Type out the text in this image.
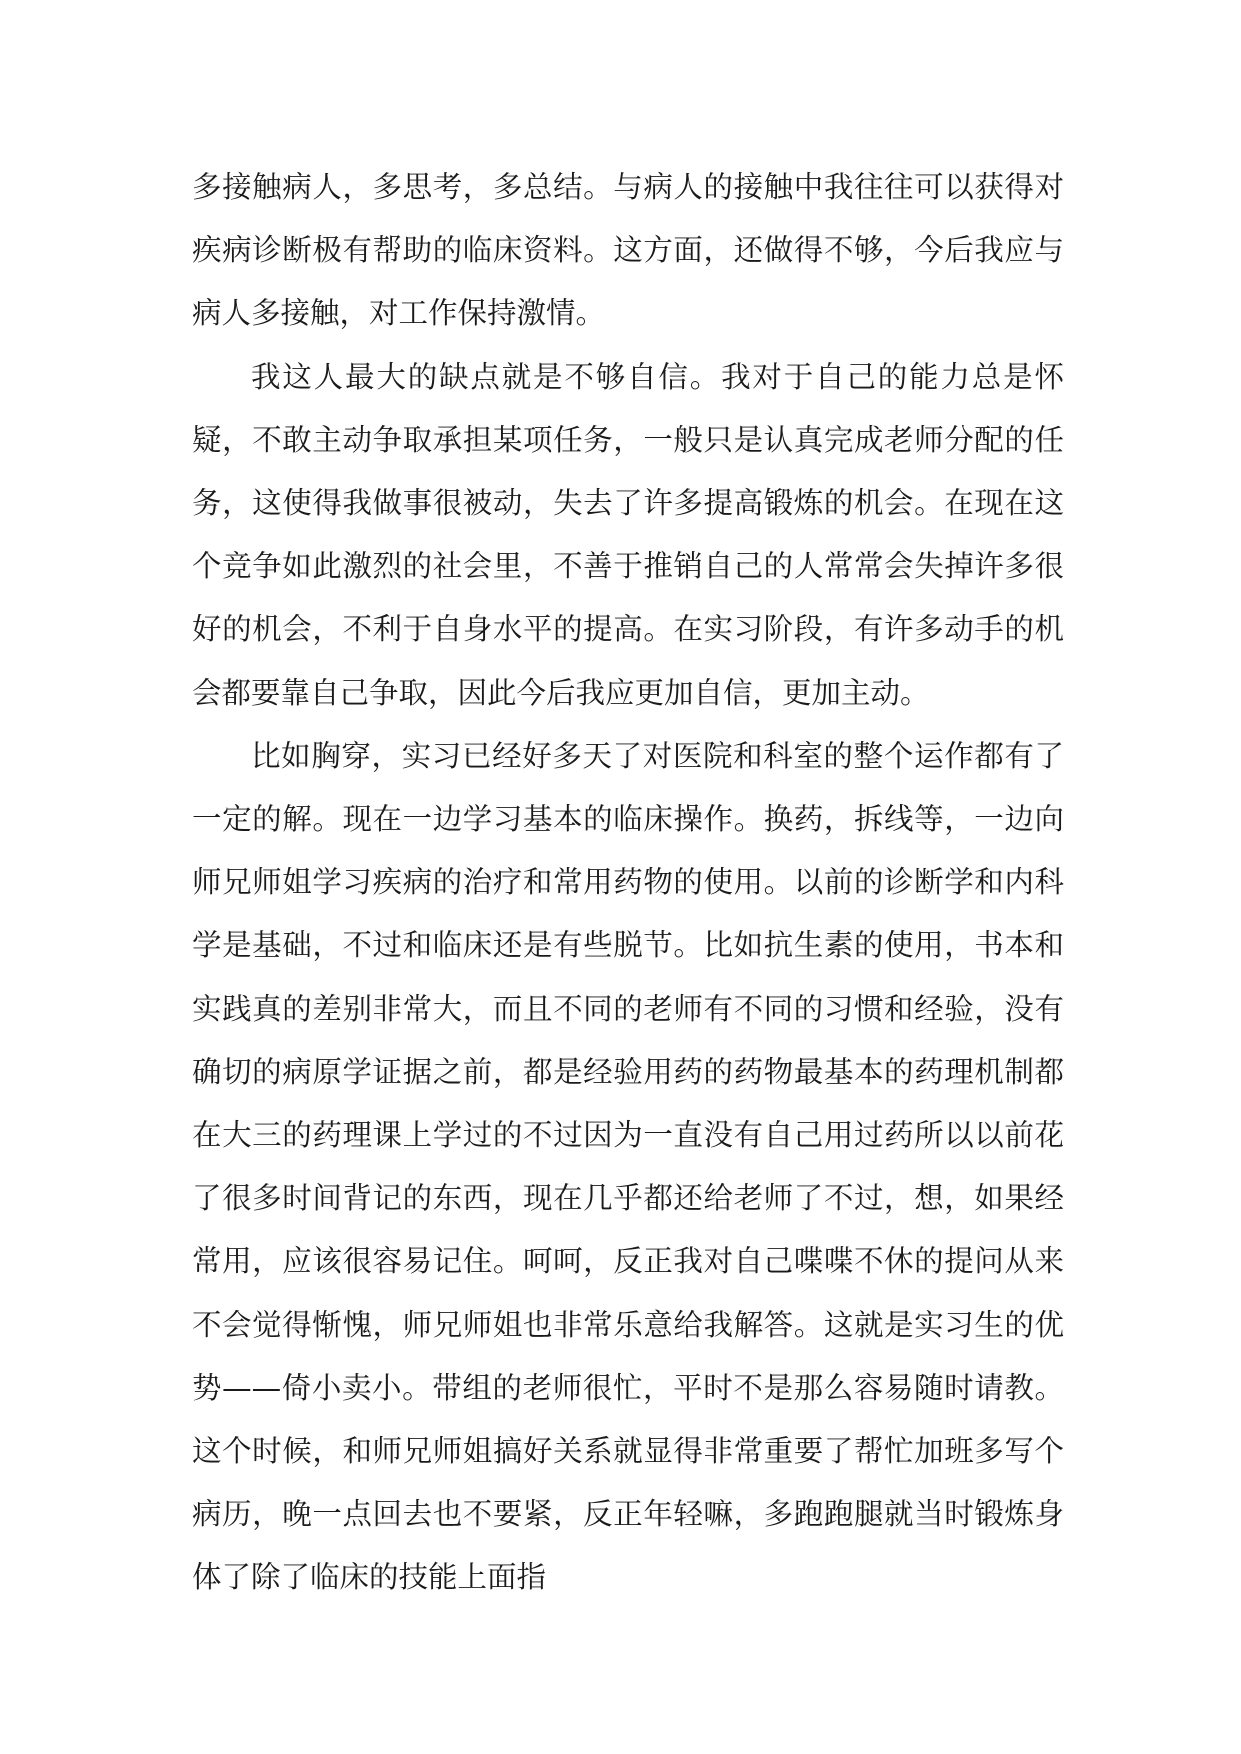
多接触病人，多思考，多总结。与病人的接触中我往往可以获得对疾病诊断极有帮助的临床资料。这方面，还做得不够，今后我应与病人多接触，对工作保持激情。

我这人最大的缺点就是不够自信。我对于自己的能力总是怀疑，不敢主动争取承担某项任务，一般只是认真完成老师分配的任务，这使得我做事很被动，失去了许多提高锻炼的机会。在现在这个竞争如此激烈的社会里，不善于推销自己的人常常会失掉许多很好的机会，不利于自身水平的提高。在实习阶段，有许多动手的机会都要靠自己争取，因此今后我应更加自信，更加主动。

比如胸穿，实习已经好多天了对医院和科室的整个运作都有了一定的解。现在一边学习基本的临床操作。换药，拆线等，一边向师兄师姐学习疾病的治疗和常用药物的使用。以前的诊断学和内科学是基础，不过和临床还是有些脱节。比如抗生素的使用，书本和实践真的差别非常大，而且不同的老师有不同的习惯和经验，没有确切的病原学证据之前，都是经验用药的药物最基本的药理机制都在大三的药理课上学过的不过因为一直没有自己用过药所以以前花了很多时间背记的东西，现在几乎都还给老师了不过，想，如果经常用，应该很容易记住。呵呵，反正我对自己喋喋不休的提问从来不会觉得惭愧，师兄师姐也非常乐意给我解答。这就是实习生的优势——倚小卖小。带组的老师很忙，平时不是那么容易随时请教。这个时候，和师兄师姐搞好关系就显得非常重要了帮忙加班多写个病历，晚一点回去也不要紧，反正年轻嘛，多跑跑腿就当时锻炼身体了除了临床的技能上面指
